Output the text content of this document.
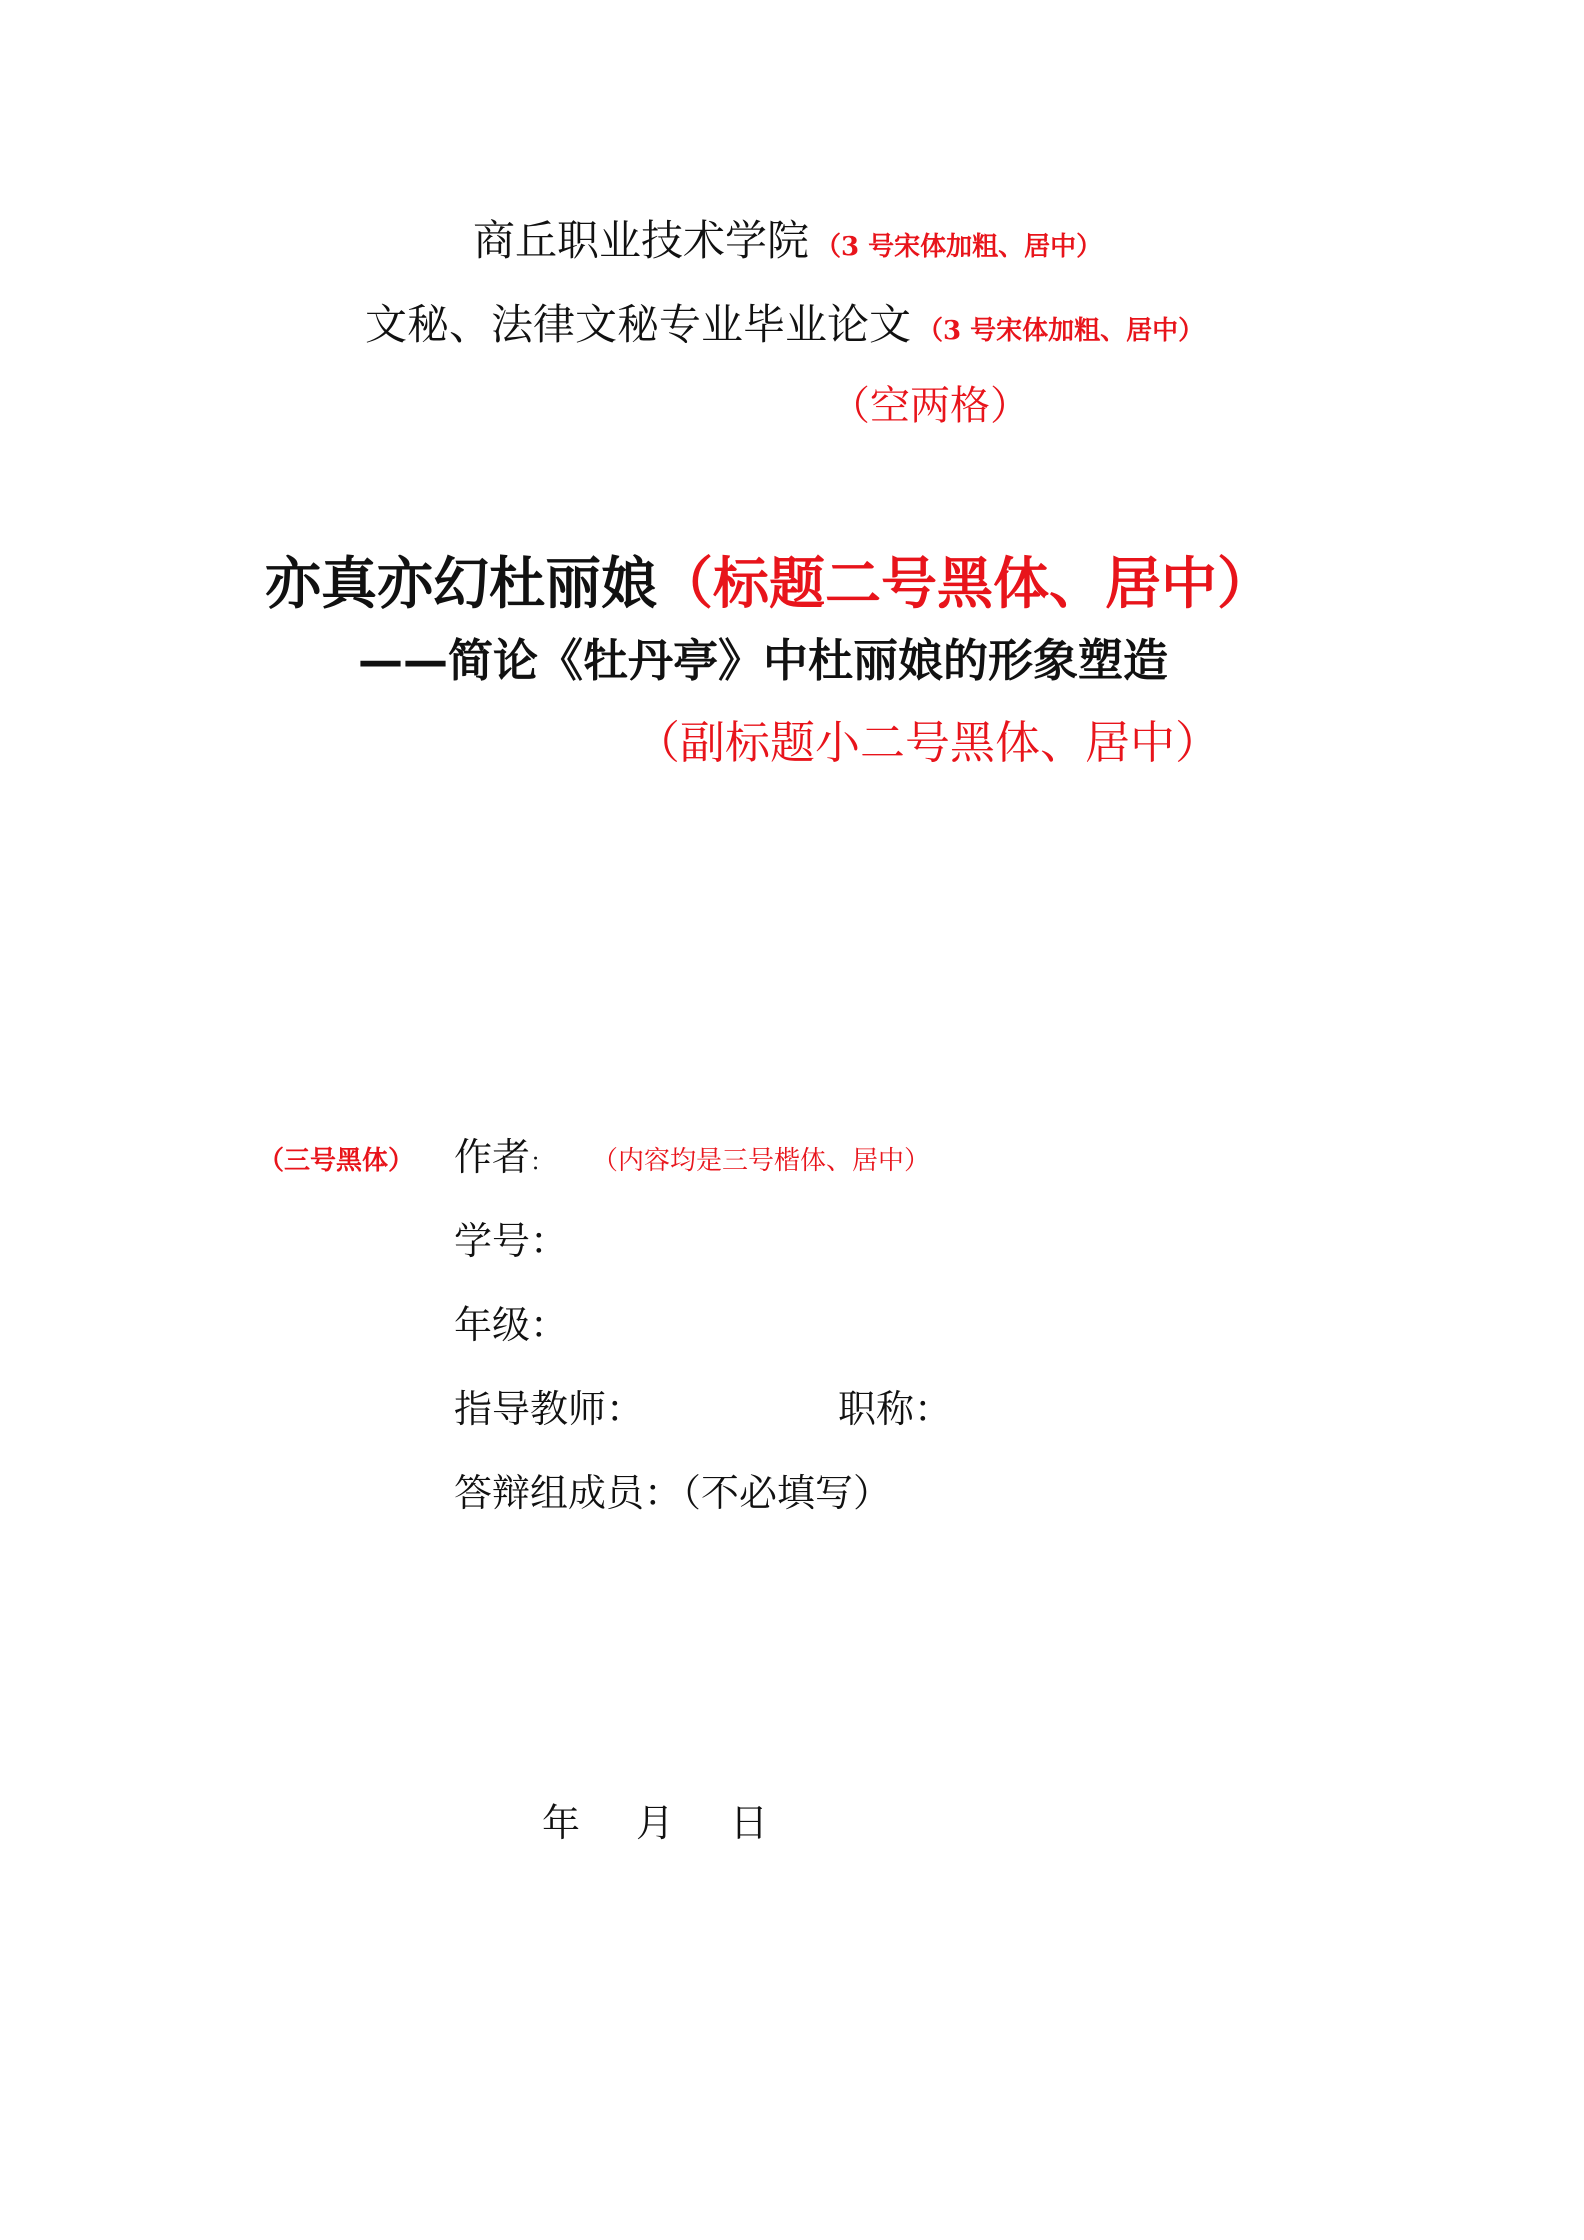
商丘职业技术学院 （3 号宋体加粗、居中）
文秘、法律文秘专业毕业论文 （3 号宋体加粗、居中）
（空两格）
亦真亦幻杜丽娘（标题二号黑体、居中）
——简论《牡丹亭》中杜丽娘的形象塑造
（副标题小二号黑体、居中）
（三号黑体） 作者： （内容均是三号楷体、居中）
学号：
年级：
指导教师：	职称：
答辩组成员：（不必填写）
年 月 日
